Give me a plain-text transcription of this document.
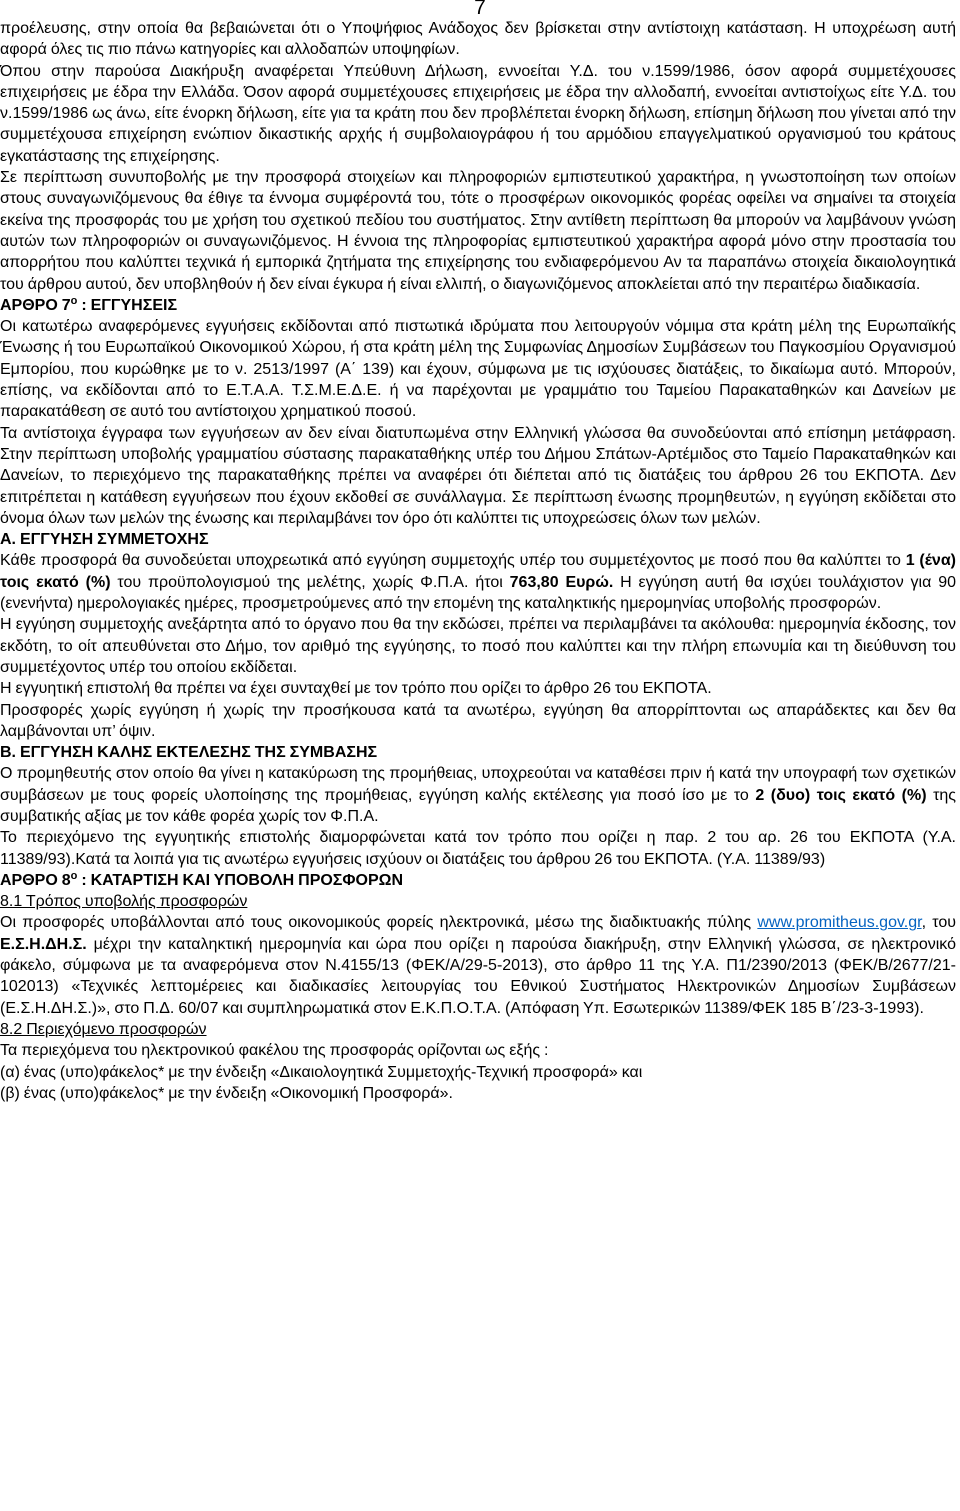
7

προέλευσης, στην οποία θα βεβαιώνεται ότι ο Υποψήφιος Ανάδοχος δεν βρίσκεται στην αντίστοιχη κατάσταση. Η υποχρέωση αυτή αφορά όλες τις πιο πάνω κατηγορίες και αλλοδαπών υποψηφίων.

Όπου στην παρούσα Διακήρυξη αναφέρεται Υπεύθυνη Δήλωση, εννοείται Υ.Δ. του ν.1599/1986, όσον αφορά συμμετέχουσες επιχειρήσεις με έδρα την Ελλάδα. Όσον αφορά συμμετέχουσες επιχειρήσεις με έδρα την αλλοδαπή, εννοείται αντιστοίχως είτε Υ.Δ. του ν.1599/1986 ως άνω, είτε ένορκη δήλωση, είτε για τα κράτη που δεν προβλέπεται ένορκη δήλωση, επίσημη δήλωση που γίνεται από την συμμετέχουσα επιχείρηση ενώπιον δικαστικής αρχής ή συμβολαιογράφου ή του αρμόδιου επαγγελματικού οργανισμού του κράτους εγκατάστασης της επιχείρησης.

Σε περίπτωση συνυποβολής με την προσφορά στοιχείων και πληροφοριών εμπιστευτικού χαρακτήρα, η γνωστοποίηση των οποίων στους συναγωνιζόμενους θα έθιγε τα έννομα συμφέροντά του, τότε ο προσφέρων οικονομικός φορέας οφείλει να σημαίνει τα στοιχεία εκείνα της προσφοράς του με χρήση του σχετικού πεδίου του συστήματος. Στην αντίθετη περίπτωση θα μπορούν να λαμβάνουν γνώση αυτών των πληροφοριών οι συναγωνιζόμενος. Η έννοια της πληροφορίας εμπιστευτικού χαρακτήρα αφορά μόνο στην προστασία του απορρήτου που καλύπτει τεχνικά ή εμπορικά ζητήματα της επιχείρησης του ενδιαφερόμενου Αν τα παραπάνω στοιχεία δικαιολογητικά του άρθρου αυτού, δεν υποβληθούν ή δεν είναι έγκυρα ή είναι ελλιπή, ο διαγωνιζόμενος αποκλείεται από την περαιτέρω διαδικασία.

ΑΡΘΡΟ $7^o$ : ΕΓΓΥΗΣΕΙΣ

Οι κατωτέρω αναφερόμενες εγγυήσεις εκδίδονται από πιστωτικά ιδρύματα που λειτουργούν νόμιμα στα κράτη μέλη της Ευρωπαϊκής Ένωσης ή του Ευρωπαϊκού Οικονομικού Χώρου, ή στα κράτη μέλη της Συμφωνίας Δημοσίων Συμβάσεων του Παγκοσμίου Οργανισμού Εμπορίου, που κυρώθηκε με το ν. 2513/1997 (Α΄ 139) και έχουν, σύμφωνα με τις ισχύουσες διατάξεις, το δικαίωμα αυτό. Μπορούν, επίσης, να εκδίδονται από το Ε.Τ.Α.Α. Τ.Σ.Μ.Ε.Δ.Ε. ή να παρέχονται με γραμμάτιο του Ταμείου Παρακαταθηκών και Δανείων με παρακατάθεση σε αυτό του αντίστοιχου χρηματικού ποσού.

Τα αντίστοιχα έγγραφα των εγγυήσεων αν δεν είναι διατυπωμένα στην Ελληνική γλώσσα θα συνοδεύονται από επίσημη μετάφραση. Στην περίπτωση υποβολής γραμματίου σύστασης παρακαταθήκης υπέρ του Δήμου Σπάτων-Αρτέμιδος στο Ταμείο Παρακαταθηκών και Δανείων, το περιεχόμενο της παρακαταθήκης πρέπει να αναφέρει ότι διέπεται από τις διατάξεις του άρθρου 26 του ΕΚΠΟΤΑ. Δεν επιτρέπεται η κατάθεση εγγυήσεων που έχουν εκδοθεί σε συνάλλαγμα. Σε περίπτωση ένωσης προμηθευτών, η εγγύηση εκδίδεται στο όνομα όλων των μελών της ένωσης και περιλαμβάνει τον όρο ότι καλύπτει τις υποχρεώσεις όλων των μελών.

Α. ΕΓΓΥΗΣΗ ΣΥΜΜΕΤΟΧΗΣ

Κάθε προσφορά θα συνοδεύεται υποχρεωτικά από εγγύηση συμμετοχής υπέρ του συμμετέχοντος με ποσό που θα καλύπτει το 1 (ένα) τοις εκατό (%) του προϋπολογισμού της μελέτης, χωρίς Φ.Π.Α. ήτοι 763,80 Ευρώ. Η εγγύηση αυτή θα ισχύει τουλάχιστον για 90 (ενενήντα) ημερολογιακές ημέρες, προσμετρούμενες από την επομένη της καταληκτικής ημερομηνίας υποβολής προσφορών.

Η εγγύηση συμμετοχής ανεξάρτητα από το όργανο που θα την εκδώσει, πρέπει να περιλαμβάνει τα ακόλουθα: ημερομηνία έκδοσης, τον εκδότη, το οίτ απευθύνεται στο Δήμο, τον αριθμό της εγγύησης, το ποσό που καλύπτει και την πλήρη επωνυμία και τη διεύθυνση του συμμετέχοντος υπέρ του οποίου εκδίδεται.

Η εγγυητική επιστολή θα πρέπει να έχει συνταχθεί με τον τρόπο που ορίζει το άρθρο 26 του ΕΚΠΟΤΑ.

Προσφορές χωρίς εγγύηση ή χωρίς την προσήκουσα κατά τα ανωτέρω, εγγύηση θα απορρίπτονται ως απαράδεκτες και δεν θα λαμβάνονται υπ’ όψιν.

Β. ΕΓΓΥΗΣΗ ΚΑΛΗΣ ΕΚΤΕΛΕΣΗΣ ΤΗΣ ΣΥΜΒΑΣΗΣ

Ο προμηθευτής στον οποίο θα γίνει η κατακύρωση της προμήθειας, υποχρεούται να καταθέσει πριν ή κατά την υπογραφή των σχετικών συμβάσεων με τους φορείς υλοποίησης της προμήθειας, εγγύηση καλής εκτέλεσης για ποσό ίσο με το 2 (δυο) τοις εκατό (%) της συμβατικής αξίας με τον κάθε φορέα χωρίς τον Φ.Π.Α.

Το περιεχόμενο της εγγυητικής επιστολής διαμορφώνεται κατά τον τρόπο που ορίζει η παρ. 2 του αρ. 26 του ΕΚΠΟΤΑ (Υ.Α. 11389/93).Κατά τα λοιπά για τις ανωτέρω εγγυήσεις ισχύουν οι διατάξεις του άρθρου 26 του ΕΚΠΟΤΑ. (Υ.Α. 11389/93)

ΑΡΘΡΟ $8^o$ : ΚΑΤΑΡΤΙΣΗ ΚΑΙ ΥΠΟΒΟΛΗ ΠΡΟΣΦΟΡΩΝ

8.1 Τρόπος υποβολής προσφορών

Οι προσφορές υποβάλλονται από τους οικονομικούς φορείς ηλεκτρονικά, μέσω της διαδικτυακής πύλης www.promitheus.gov.gr, του Ε.Σ.Η.ΔΗ.Σ. μέχρι την καταληκτική ημερομηνία και ώρα που ορίζει η παρούσα διακήρυξη, στην Ελληνική γλώσσα, σε ηλεκτρονικό φάκελο, σύμφωνα με τα αναφερόμενα στον Ν.4155/13 (ΦΕΚ/Α/29-5-2013), στο άρθρο 11 της Υ.Α. Π1/2390/2013 (ΦΕΚ/Β/2677/21-102013) «Τεχνικές λεπτομέρειες και διαδικασίες λειτουργίας του Εθνικού Συστήματος Ηλεκτρονικών Δημοσίων Συμβάσεων (Ε.Σ.Η.ΔΗ.Σ.)», στο Π.Δ. 60/07 και συμπληρωματικά στον Ε.Κ.Π.Ο.Τ.Α. (Απόφαση Υπ. Εσωτερικών 11389/ΦΕΚ 185 Β΄/23-3-1993).

8.2 Περιεχόμενο προσφορών

Τα περιεχόμενα του ηλεκτρονικού φακέλου της προσφοράς ορίζονται ως εξής :

(α) ένας (υπο)φάκελος* με την ένδειξη «Δικαιολογητικά Συμμετοχής-Τεχνική προσφορά» και

(β) ένας (υπο)φάκελος* με την ένδειξη «Οικονομική Προσφορά».
